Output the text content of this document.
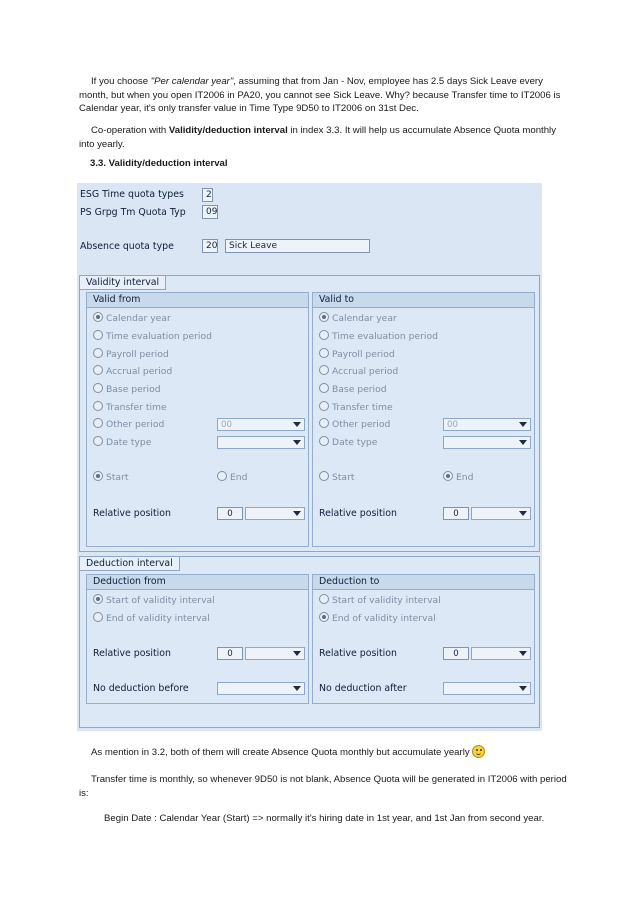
If you choose "Per calendar year", assuming that from Jan - Nov, employee has 2.5 days Sick Leave every month, but when you open IT2006 in PA20, you cannot see Sick Leave. Why? because Transfer time to IT2006 is Calendar year, it's only transfer value in Time Type 9D50 to IT2006 on 31st Dec.
Co-operation with Validity/deduction interval in index 3.3. It will help us accumulate Absence Quota monthly into yearly.
3.3. Validity/deduction interval
ESG Time quota types	2
PS Grpg Tm Quota Typ	09
Absence quota type	20	Sick Leave
Validity interval
Valid from
Calendar year
Time evaluation period
Payroll period
Accrual period
Base period
Transfer time
Other period	00
Date type
Start	End
Relative position	0
Valid to
Calendar year
Time evaluation period
Payroll period
Accrual period
Base period
Transfer time
Other period	00
Date type
Start	End
Relative position	0
Deduction interval
Deduction from
Start of validity interval
End of validity interval
Relative position	0
No deduction before
Deduction to
Start of validity interval
End of validity interval
Relative position	0
No deduction after
As mention in 3.2, both of them will create Absence Quota monthly but accumulate yearly
Transfer time is monthly, so whenever 9D50 is not blank, Absence Quota will be generated in IT2006 with period is:
Begin Date : Calendar Year (Start) => normally it's hiring date in 1st year, and 1st Jan from second year.
